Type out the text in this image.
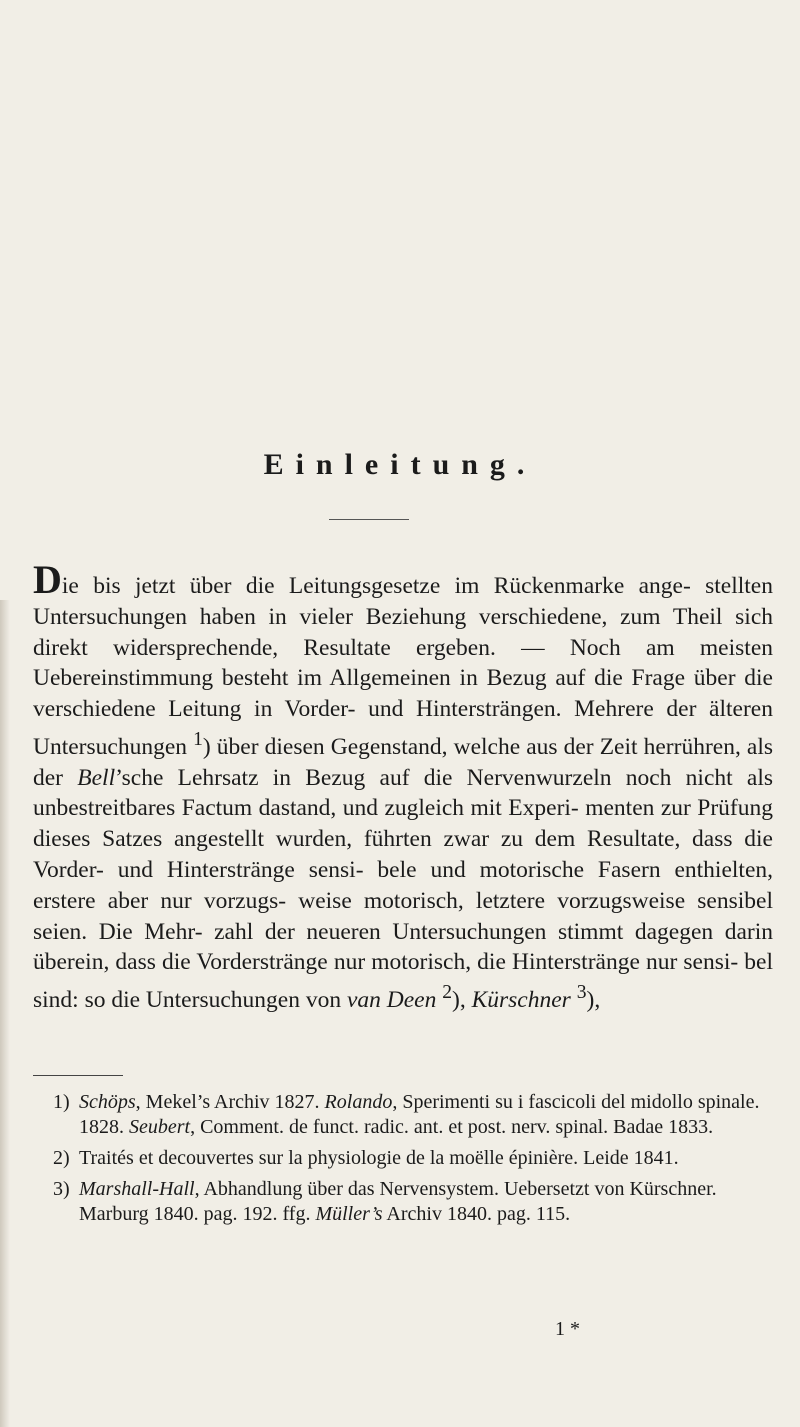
Einleitung.
Die bis jetzt über die Leitungsgesetze im Rückenmarke ange- stellten Untersuchungen haben in vieler Beziehung verschiedene, zum Theil sich direkt widersprechende, Resultate ergeben. — Noch am meisten Uebereinstimmung besteht im Allgemeinen in Bezug auf die Frage über die verschiedene Leitung in Vorder- und Hintersträngen. Mehrere der älteren Untersuchungen $^1$) über diesen Gegenstand, welche aus der Zeit herrühren, als der Bell’sche Lehrsatz in Bezug auf die Nervenwurzeln noch nicht als unbestreitbares Factum dastand, und zugleich mit Experi- menten zur Prüfung dieses Satzes angestellt wurden, führten zwar zu dem Resultate, dass die Vorder- und Hinterstränge sensi- bele und motorische Fasern enthielten, erstere aber nur vorzugs- weise motorisch, letztere vorzugsweise sensibel seien. Die Mehr- zahl der neueren Untersuchungen stimmt dagegen darin überein, dass die Vorderstränge nur motorisch, die Hinterstränge nur sensi- bel sind: so die Untersuchungen von van Deen $^2$), Kürschner $^3$),
1) Schöps, Mekel’s Archiv 1827. Rolando, Sperimenti su i fascicoli del midollo spinale. 1828. Seubert, Comment. de funct. radic. ant. et post. nerv. spinal. Badae 1833.
2) Traités et decouvertes sur la physiologie de la moëlle épinière. Leide 1841.
3) Marshall-Hall, Abhandlung über das Nervensystem. Uebersetzt von Kürschner. Marburg 1840. pag. 192. ffg. Müller’s Archiv 1840. pag. 115.
1 *
